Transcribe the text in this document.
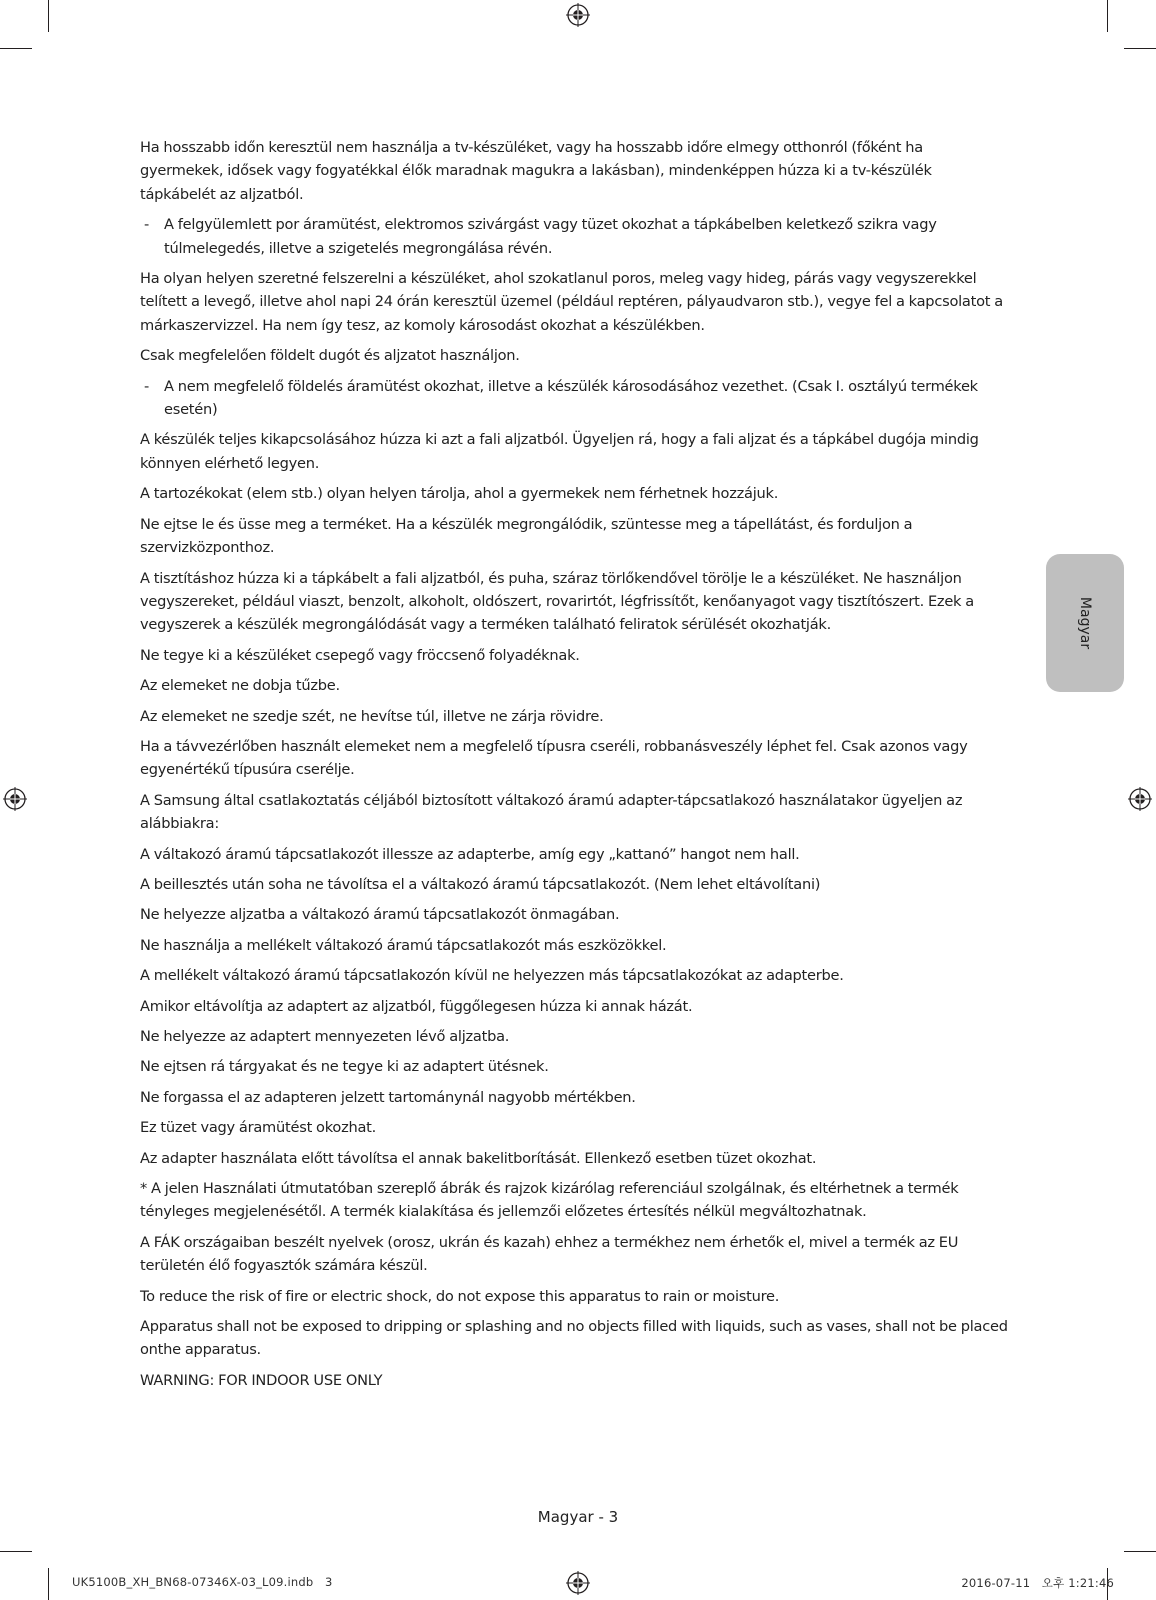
Magyar

Ha hosszabb időn keresztül nem használja a tv-készüléket, vagy ha hosszabb időre elmegy otthonról (főként ha gyermekek, idősek vagy fogyatékkal élők maradnak magukra a lakásban), mindenképpen húzza ki a tv-készülék tápkábelét az aljzatból.

- A felgyülemlett por áramütést, elektromos szivárgást vagy tüzet okozhat a tápkábelben keletkező szikra vagy túlmelegedés, illetve a szigetelés megrongálása révén.

Ha olyan helyen szeretné felszerelni a készüléket, ahol szokatlanul poros, meleg vagy hideg, párás vagy vegyszerekkel telített a levegő, illetve ahol napi 24 órán keresztül üzemel (például reptéren, pályaudvaron stb.), vegye fel a kapcsolatot a márkaszervizzel. Ha nem így tesz, az komoly károsodást okozhat a készülékben.

Csak megfelelően földelt dugót és aljzatot használjon.

- A nem megfelelő földelés áramütést okozhat, illetve a készülék károsodásához vezethet. (Csak I. osztályú termékek esetén)

A készülék teljes kikapcsolásához húzza ki azt a fali aljzatból. Ügyeljen rá, hogy a fali aljzat és a tápkábel dugója mindig könnyen elérhető legyen.

A tartozékokat (elem stb.) olyan helyen tárolja, ahol a gyermekek nem férhetnek hozzájuk.

Ne ejtse le és üsse meg a terméket. Ha a készülék megrongálódik, szüntesse meg a tápellátást, és forduljon a szervizközponthoz.

A tisztításhoz húzza ki a tápkábelt a fali aljzatból, és puha, száraz törlőkendővel törölje le a készüléket. Ne használjon vegyszereket, például viaszt, benzolt, alkoholt, oldószert, rovarirtót, légfrissítőt, kenőanyagot vagy tisztítószert. Ezek a vegyszerek a készülék megrongálódását vagy a terméken található feliratok sérülését okozhatják.

Ne tegye ki a készüléket csepegő vagy fröccsenő folyadéknak.

Az elemeket ne dobja tűzbe.

Az elemeket ne szedje szét, ne hevítse túl, illetve ne zárja rövidre.

Ha a távvezérlőben használt elemeket nem a megfelelő típusra cseréli, robbanásveszély léphet fel. Csak azonos vagy egyenértékű típusúra cserélje.

A Samsung által csatlakoztatás céljából biztosított váltakozó áramú adapter-tápcsatlakozó használatakor ügyeljen az alábbiakra:

A váltakozó áramú tápcsatlakozót illessze az adapterbe, amíg egy „kattanó” hangot nem hall.

A beillesztés után soha ne távolítsa el a váltakozó áramú tápcsatlakozót. (Nem lehet eltávolítani)

Ne helyezze aljzatba a váltakozó áramú tápcsatlakozót önmagában.

Ne használja a mellékelt váltakozó áramú tápcsatlakozót más eszközökkel.

A mellékelt váltakozó áramú tápcsatlakozón kívül ne helyezzen más tápcsatlakozókat az adapterbe.

Amikor eltávolítja az adaptert az aljzatból, függőlegesen húzza ki annak házát.

Ne helyezze az adaptert mennyezeten lévő aljzatba.

Ne ejtsen rá tárgyakat és ne tegye ki az adaptert ütésnek.

Ne forgassa el az adapteren jelzett tartománynál nagyobb mértékben.

Ez tüzet vagy áramütést okozhat.

Az adapter használata előtt távolítsa el annak bakelitborítását. Ellenkező esetben tüzet okozhat.

* A jelen Használati útmutatóban szereplő ábrák és rajzok kizárólag referenciául szolgálnak, és eltérhetnek a termék tényleges megjelenésétől. A termék kialakítása és jellemzői előzetes értesítés nélkül megváltozhatnak.

A FÁK országaiban beszélt nyelvek (orosz, ukrán és kazah) ehhez a termékhez nem érhetők el, mivel a termék az EU területén élő fogyasztók számára készül.

To reduce the risk of fire or electric shock, do not expose this apparatus to rain or moisture.

Apparatus shall not be exposed to dripping or splashing and no objects filled with liquids, such as vases, shall not be placed onthe apparatus.

WARNING: FOR INDOOR USE ONLY

Magyar - 3
UK5100B_XH_BN68-07346X-03_L09.indb   3	2016-07-11   오후 1:21:46
